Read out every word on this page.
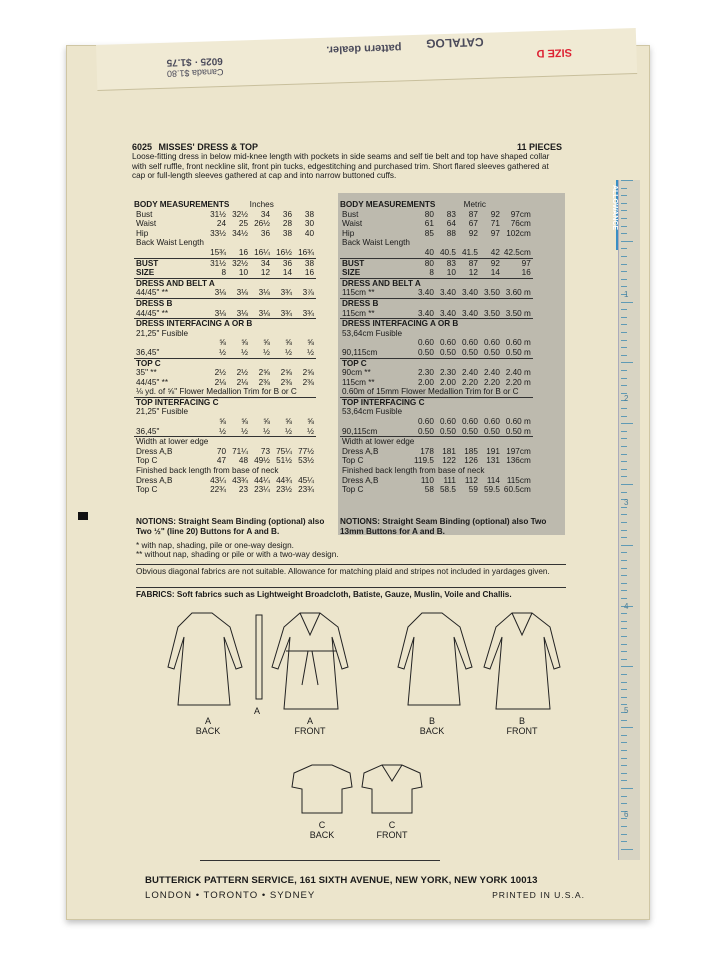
CATALOG
pattern dealer.
6025 · $1.75
Canada $1.80
SIZE D
ALLOWANCE
1
2
3
4
5
6
6025 MISSES' DRESS & TOP	11 PIECES
Loose-fitting dress in below mid-knee length with pockets in side seams and self tie belt and top have shaped collar with self ruffle, front neckline slit, front pin tucks, edgestitching and purchased trim. Short flared sleeves gathered at cap or full-length sleeves gathered at cap and into narrow buttoned cuffs.
BODY MEASUREMENTS Inches
Bust	31½	32½	34	36	38
Waist	24	25	26½	28	30
Hip	33½	34½	36	38	40
Back Waist Length					
	15¾	16	16¼	16½	16¾
BUST	31½	32½	34	36	38
SIZE	8	10	12	14	16
DRESS AND BELT A					
44/45" **	3⅛	3⅛	3⅛	3¾	3⅞
DRESS B					
44/45" **	3⅛	3⅛	3⅛	3¾	3¾
DRESS INTERFACING A OR B					
21,25" Fusible					
	⅝	⅝	⅝	⅝	⅝
36,45"	½	½	½	½	½
TOP C					
35" **	2½	2½	2⅝	2⅝	2⅝
44/45" **	2⅛	2⅛	2⅜	2⅜	2⅜
⅛ yd. of ⅝" Flower Medallion Trim for B or C					
TOP INTERFACING C					
21,25" Fusible					
	⅝	⅝	⅝	⅝	⅝
36,45"	½	½	½	½	½
Width at lower edge					
Dress A,B	70	71¼	73	75¼	77½
Top C	47	48	49½	51½	53½
Finished back length from base of neck					
Dress A,B	43¼	43¾	44¼	44¾	45¼
Top C	22¾	23	23¼	23½	23¾
BODY MEASUREMENTS	Metric
Bust	80	83	87	92	97cm
Waist	61	64	67	71	76cm
Hip	85	88	92	97	102cm
Back Waist Length					
	40	40.5	41.5	42	42.5cm
BUST	80	83	87	92	97
SIZE	8	10	12	14	16
DRESS AND BELT A					
115cm **	3.40	3.40	3.40	3.50	3.60 m
DRESS B					
115cm **	3.40	3.40	3.40	3.50	3.50 m
DRESS INTERFACING A OR B					
53,64cm Fusible					
	0.60	0.60	0.60	0.60	0.60 m
90,115cm	0.50	0.50	0.50	0.50	0.50 m
TOP C					
90cm **	2.30	2.30	2.40	2.40	2.40 m
115cm **	2.00	2.00	2.20	2.20	2.20 m
0.60m of 15mm Flower Medallion Trim for B or C					
TOP INTERFACING C					
53,64cm Fusible					
	0.60	0.60	0.60	0.60	0.60 m
90,115cm	0.50	0.50	0.50	0.50	0.50 m
Width at lower edge					
Dress A,B	178	181	185	191	197cm
Top C	119.5	122	126	131	136cm
Finished back length from base of neck					
Dress A,B	110	111	112	114	115cm
Top C	58	58.5	59	59.5	60.5cm
NOTIONS: Straight Seam Binding (optional) also Two ½" (line 20) Buttons for A and B.
NOTIONS: Straight Seam Binding (optional) also Two 13mm Buttons for A and B.
* with nap, shading, pile or one-way design.
** without nap, shading or pile or with a two-way design.
Obvious diagonal fabrics are not suitable. Allowance for matching plaid and stripes not included in yardages given.
FABRICS: Soft fabrics such as Lightweight Broadcloth, Batiste, Gauze, Muslin, Voile and Challis.
A
BACK
A
A
FRONT
B
BACK
B
FRONT
C
BACK
C
FRONT
BUTTERICK PATTERN SERVICE, 161 SIXTH AVENUE, NEW YORK, NEW YORK 10013
LONDON • TORONTO • SYDNEY	PRINTED IN U.S.A.
